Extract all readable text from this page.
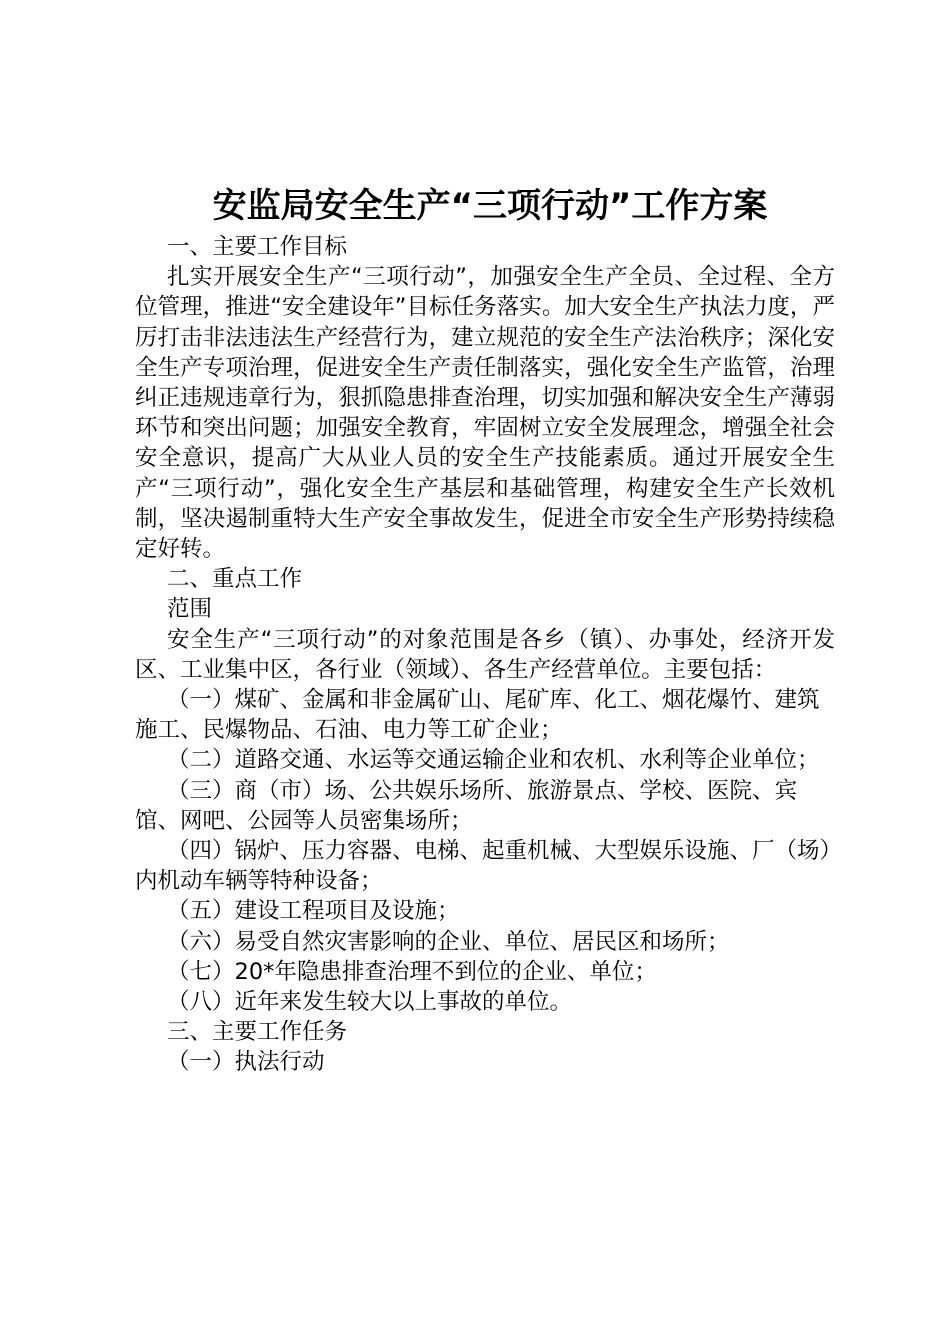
安监局安全生产“三项行动”工作方案

一、主要工作目标

扎实开展安全生产“三项行动”，加强安全生产全员、全过程、全方位管理，推进“安全建设年”目标任务落实。加大安全生产执法力度，严厉打击非法违法生产经营行为，建立规范的安全生产法治秩序；深化安全生产专项治理，促进安全生产责任制落实，强化安全生产监管，治理纠正违规违章行为，狠抓隐患排查治理，切实加强和解决安全生产薄弱环节和突出问题；加强安全教育，牢固树立安全发展理念，增强全社会安全意识，提高广大从业人员的安全生产技能素质。通过开展安全生产“三项行动”，强化安全生产基层和基础管理，构建安全生产长效机制，坚决遏制重特大生产安全事故发生，促进全市安全生产形势持续稳定好转。

二、重点工作

范围

安全生产“三项行动”的对象范围是各乡（镇）、办事处，经济开发区、工业集中区，各行业（领域）、各生产经营单位。主要包括：

（一）煤矿、金属和非金属矿山、尾矿库、化工、烟花爆竹、建筑施工、民爆物品、石油、电力等工矿企业；

（二）道路交通、水运等交通运输企业和农机、水利等企业单位；

（三）商（市）场、公共娱乐场所、旅游景点、学校、医院、宾馆、网吧、公园等人员密集场所；

（四）锅炉、压力容器、电梯、起重机械、大型娱乐设施、厂（场）内机动车辆等特种设备；

（五）建设工程项目及设施；

（六）易受自然灾害影响的企业、单位、居民区和场所；

（七）20*年隐患排查治理不到位的企业、单位；

（八）近年来发生较大以上事故的单位。

三、主要工作任务

（一）执法行动
